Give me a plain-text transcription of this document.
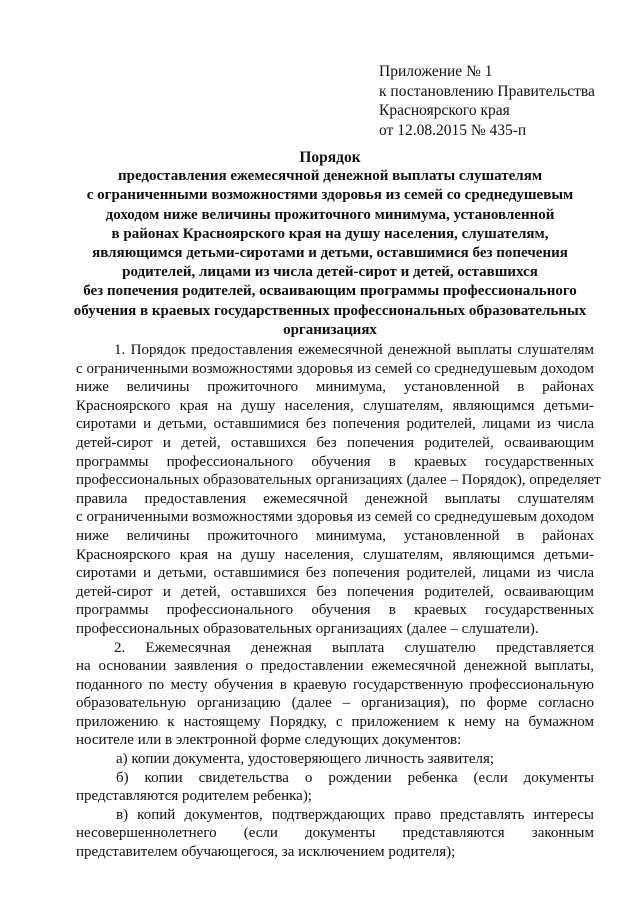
Приложение № 1
к постановлению Правительства
Красноярского края
от 12.08.2015 № 435-п
Порядок
предоставления ежемесячной денежной выплаты слушателям
с ограниченными возможностями здоровья из семей со среднедушевым
доходом ниже величины прожиточного минимума, установленной
в районах Красноярского края на душу населения, слушателям,
являющимся детьми-сиротами и детьми, оставшимися без попечения
родителей, лицами из числа детей-сирот и детей, оставшихся
без попечения родителей, осваивающим программы профессионального
обучения в краевых государственных профессиональных образовательных
организациях
1. Порядок предоставления ежемесячной денежной выплаты слушателям
с ограниченными возможностями здоровья из семей со среднедушевым доходом
ниже величины прожиточного минимума, установленной в районах
Красноярского края на душу населения, слушателям, являющимся детьми-
сиротами и детьми, оставшимися без попечения родителей, лицами из числа
детей-сирот и детей, оставшихся без попечения родителей, осваивающим
программы профессионального обучения в краевых государственных
профессиональных образовательных организациях (далее – Порядок), определяет
правила предоставления ежемесячной денежной выплаты слушателям
с ограниченными возможностями здоровья из семей со среднедушевым доходом
ниже величины прожиточного минимума, установленной в районах
Красноярского края на душу населения, слушателям, являющимся детьми-
сиротами и детьми, оставшимися без попечения родителей, лицами из числа
детей-сирот и детей, оставшихся без попечения родителей, осваивающим
программы профессионального обучения в краевых государственных
профессиональных образовательных организациях (далее – слушатели).
2. Ежемесячная денежная выплата слушателю представляется
на основании заявления о предоставлении ежемесячной денежной выплаты,
поданного по месту обучения в краевую государственную профессиональную
образовательную организацию (далее – организация), по форме согласно
приложению к настоящему Порядку, с приложением к нему на бумажном
носителе или в электронной форме следующих документов:
а) копии документа, удостоверяющего личность заявителя;
б) копии свидетельства о рождении ребенка (если документы
представляются родителем ребенка);
в) копий документов, подтверждающих право представлять интересы
несовершеннолетнего (если документы представляются законным
представителем обучающегося, за исключением родителя);
